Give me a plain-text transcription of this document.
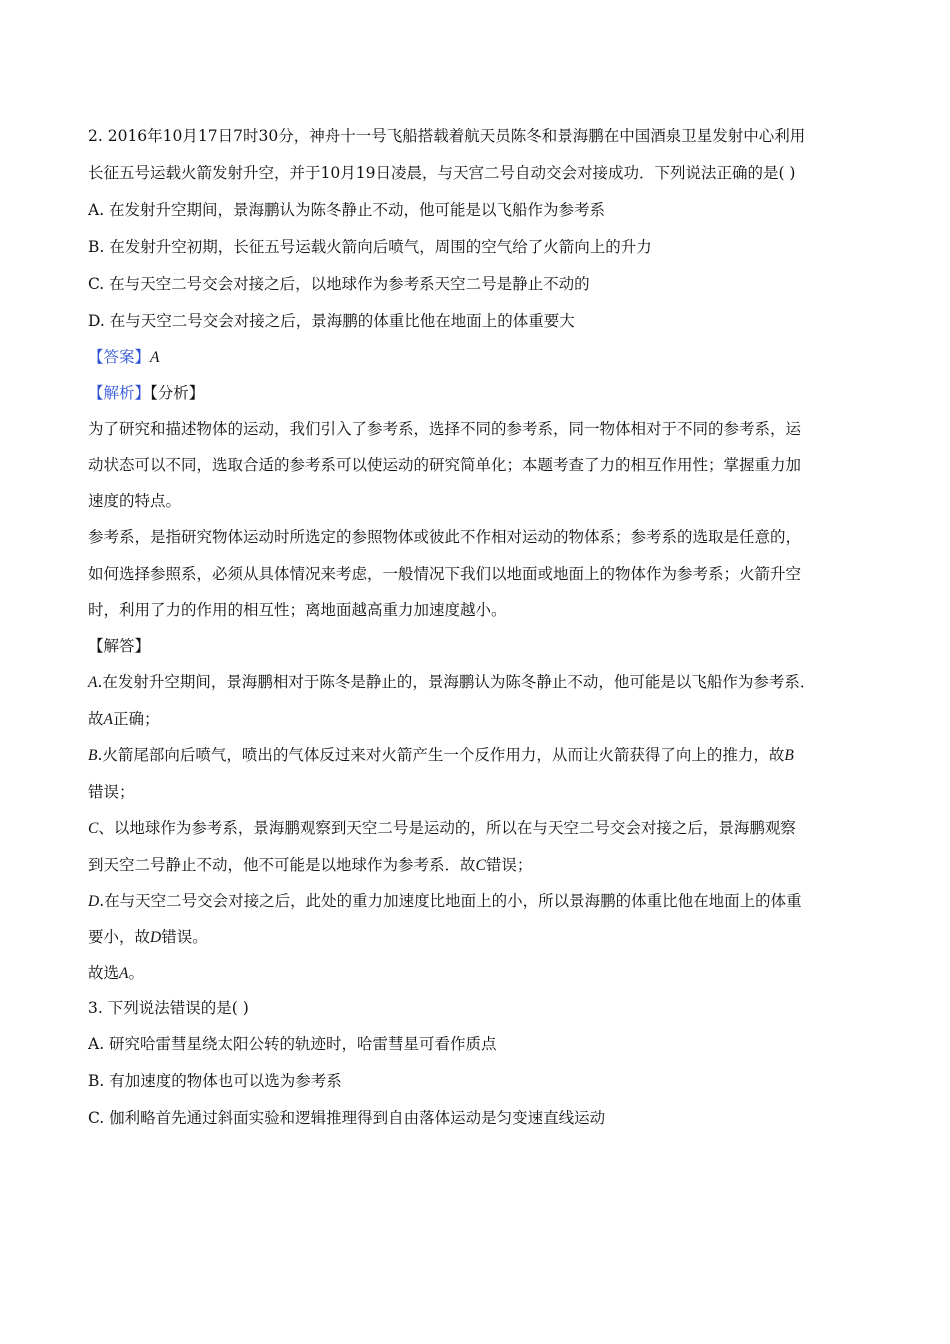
2. 2016年10月17日7时30分，神舟十一号飞船搭载着航天员陈冬和景海鹏在中国酒泉卫星发射中心利用
长征五号运载火箭发射升空，并于10月19日凌晨，与天宫二号自动交会对接成功．下列说法正确的是( )
A. 在发射升空期间，景海鹏认为陈冬静止不动，他可能是以飞船作为参考系
B. 在发射升空初期，长征五号运载火箭向后喷气，周围的空气给了火箭向上的升力
C. 在与天空二号交会对接之后，以地球作为参考系天空二号是静止不动的
D. 在与天空二号交会对接之后，景海鹏的体重比他在地面上的体重要大
【答案】A
【解析】【分析】
为了研究和描述物体的运动，我们引入了参考系，选择不同的参考系，同一物体相对于不同的参考系，运
动状态可以不同，选取合适的参考系可以使运动的研究简单化；本题考查了力的相互作用性；掌握重力加
速度的特点。
参考系，是指研究物体运动时所选定的参照物体或彼此不作相对运动的物体系；参考系的选取是任意的，
如何选择参照系，必须从具体情况来考虑，一般情况下我们以地面或地面上的物体作为参考系；火箭升空
时，利用了力的作用的相互性；离地面越高重力加速度越小。
【解答】
A.在发射升空期间，景海鹏相对于陈冬是静止的，景海鹏认为陈冬静止不动，他可能是以飞船作为参考系．
故A正确；
B.火箭尾部向后喷气，喷出的气体反过来对火箭产生一个反作用力，从而让火箭获得了向上的推力，故B
错误；
C、以地球作为参考系，景海鹏观察到天空二号是运动的，所以在与天空二号交会对接之后，景海鹏观察
到天空二号静止不动，他不可能是以地球作为参考系．故C错误；
D.在与天空二号交会对接之后，此处的重力加速度比地面上的小，所以景海鹏的体重比他在地面上的体重
要小，故D错误。
故选A。
3. 下列说法错误的是( )
A. 研究哈雷彗星绕太阳公转的轨迹时，哈雷彗星可看作质点
B. 有加速度的物体也可以选为参考系
C. 伽利略首先通过斜面实验和逻辑推理得到自由落体运动是匀变速直线运动
